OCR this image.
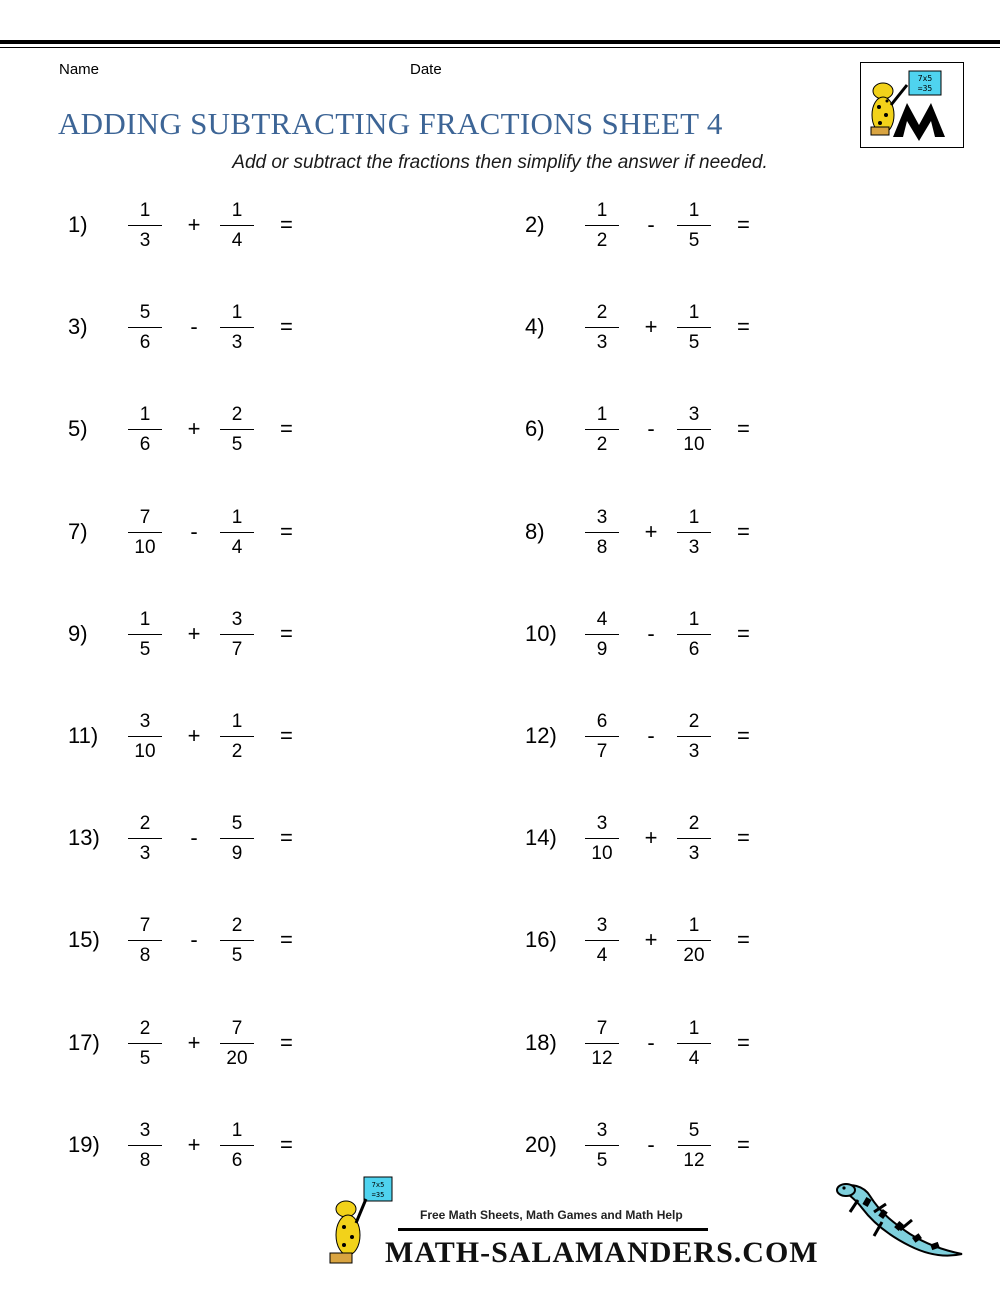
Name	Date
ADDING SUBTRACTING FRACTIONS SHEET 4
Add or subtract the fractions then simplify the answer if needed.
7x5
=35
1)
1
3
+
1
4
=	2)
1
2
-
1
5
=
3)
5
6
-
1
3
=	4)
2
3
+
1
5
=
5)
1
6
+
2
5
=	6)
1
2
-
3
10
=
7)
7
10
-
1
4
=	8)
3
8
+
1
3
=
9)
1
5
+
3
7
=	10)
4
9
-
1
6
=
11)
3
10
+
1
2
=	12)
6
7
-
2
3
=
13)
2
3
-
5
9
=	14)
3
10
+
2
3
=
15)
7
8
-
2
5
=	16)
3
4
+
1
20
=
17)
2
5
+
7
20
=	18)
7
12
-
1
4
=
19)
3
8
+
1
6
=	20)
3
5
-
5
12
=
7x5
=35
Free Math Sheets, Math Games and Math Help
MATH-SALAMANDERS.COM
